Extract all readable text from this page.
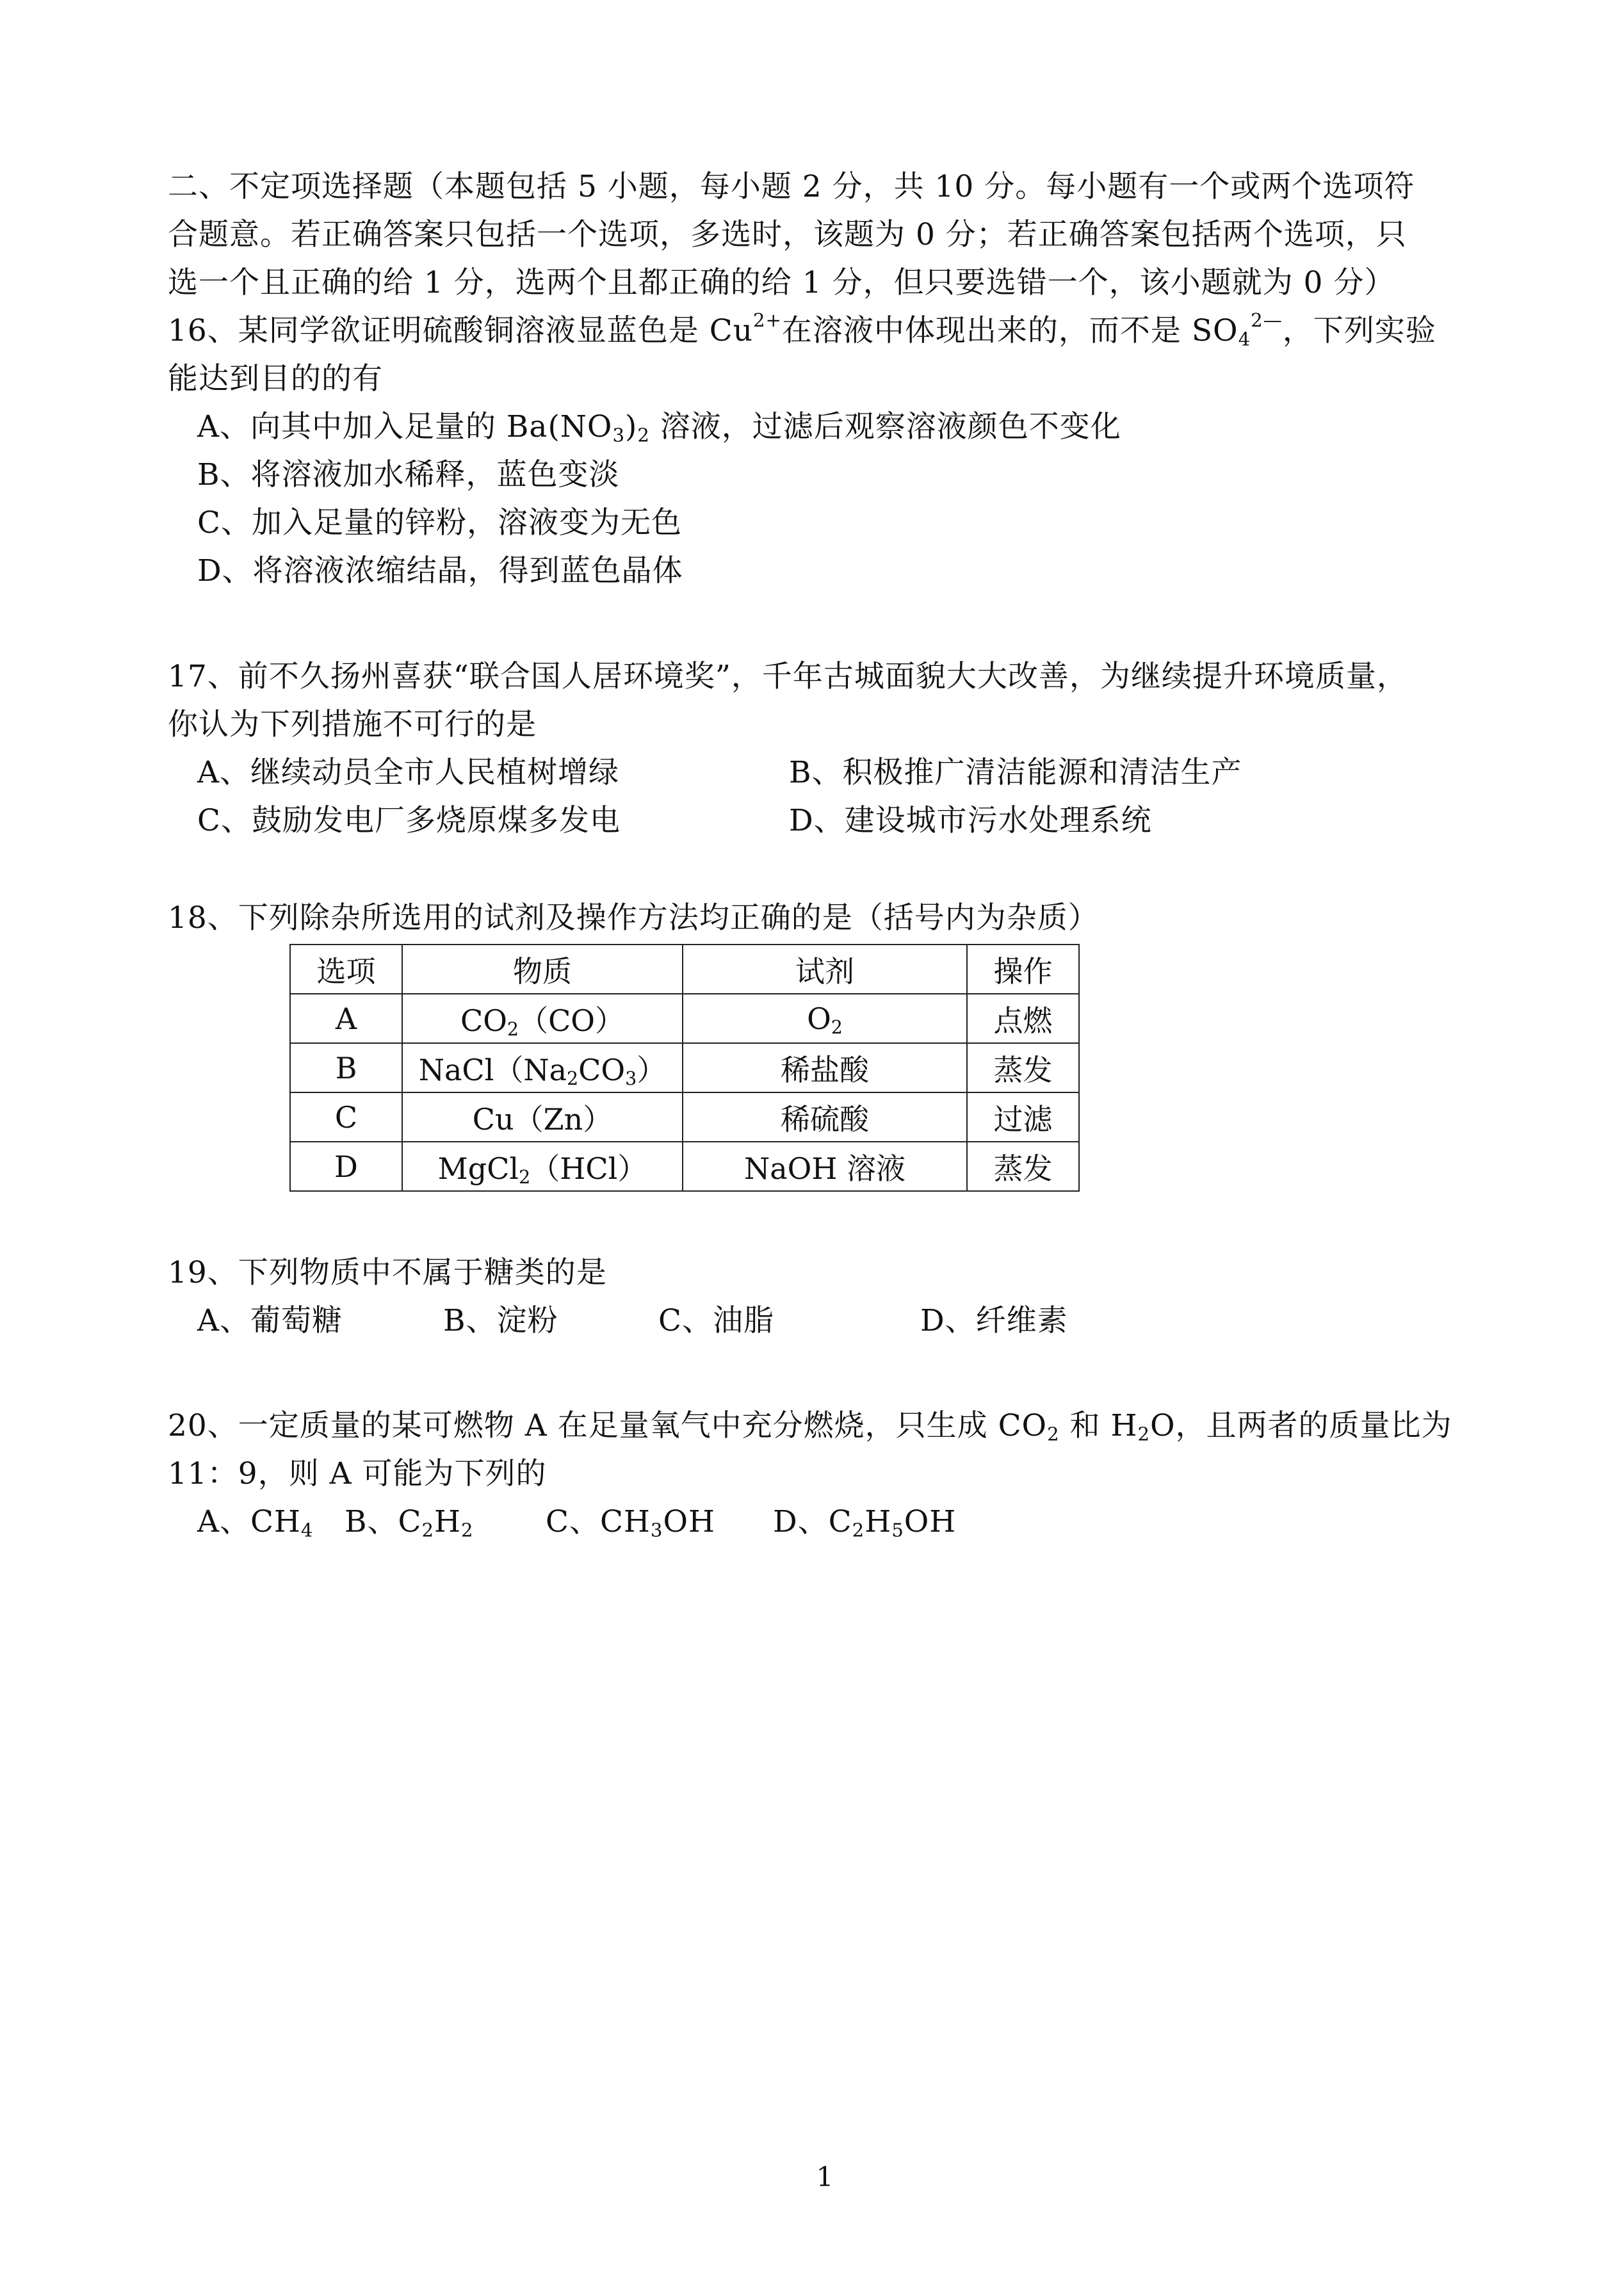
二、不定项选择题（本题包括 5 小题，每小题 2 分，共 10 分。每小题有一个或两个选项符
合题意。若正确答案只包括一个选项，多选时，该题为 0 分；若正确答案包括两个选项，只
选一个且正确的给 1 分，选两个且都正确的给 1 分，但只要选错一个，该小题就为 0 分）
16、某同学欲证明硫酸铜溶液显蓝色是 $Cu^{2+}$在溶液中体现出来的，而不是 $SO_4^{2—}$，下列实验
能达到目的的有
A、向其中加入足量的 $Ba(NO_3)_2$ 溶液，过滤后观察溶液颜色不变化
B、将溶液加水稀释，蓝色变淡
C、加入足量的锌粉，溶液变为无色
D、将溶液浓缩结晶，得到蓝色晶体
17、前不久扬州喜获“联合国人居环境奖”，千年古城面貌大大改善，为继续提升环境质量，
你认为下列措施不可行的是
A、继续动员全市人民植树增绿	B、积极推广清洁能源和清洁生产
C、鼓励发电厂多烧原煤多发电	D、建设城市污水处理系统
18、下列除杂所选用的试剂及操作方法均正确的是（括号内为杂质）
选项	物质	试剂	操作
A	$CO_2(CO)$	$O_2$	点燃
B	$NaCl(Na_2CO_3)$	稀盐酸	蒸发
C	Cu（Zn）	稀硫酸	过滤
D	MgCl$_2$（HCl）	NaOH 溶液	蒸发
19、下列物质中不属于糖类的是
A、葡萄糖	B、淀粉	C、油脂	D、纤维素
20、一定质量的某可燃物 A 在足量氧气中充分燃烧，只生成 $CO_2$ 和 $H_2O$，且两者的质量比为
11：9，则 A 可能为下列的
A、$CH_4$ B、$C_2H_2$ C、$CH_3OH$ D、$C_2H_5OH$
1
